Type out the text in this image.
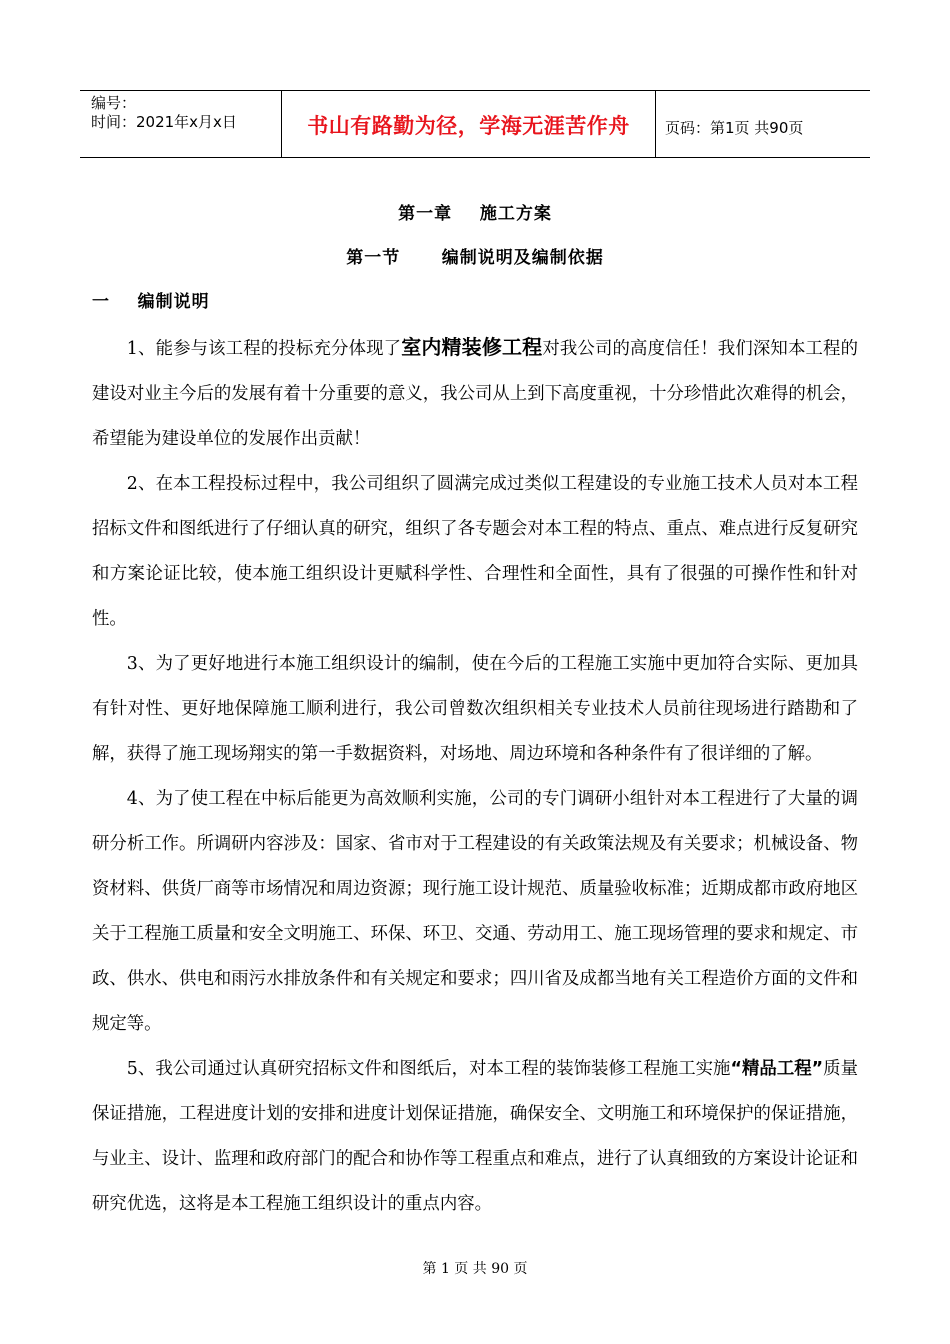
编号：
时间：2021年x月x日	书山有路勤为径，学海无涯苦作舟	页码：第1页 共90页
第一章    施工方案
第一节      编制说明及编制依据
一    编制说明

1、能参与该工程的投标充分体现了室内精装修工程对我公司的高度信任！我们深知本工程的建设对业主今后的发展有着十分重要的意义，我公司从上到下高度重视，十分珍惜此次难得的机会，希望能为建设单位的发展作出贡献！

2、在本工程投标过程中，我公司组织了圆满完成过类似工程建设的专业施工技术人员对本工程招标文件和图纸进行了仔细认真的研究，组织了各专题会对本工程的特点、重点、难点进行反复研究和方案论证比较，使本施工组织设计更赋科学性、合理性和全面性，具有了很强的可操作性和针对性。

3、为了更好地进行本施工组织设计的编制，使在今后的工程施工实施中更加符合实际、更加具有针对性、更好地保障施工顺利进行，我公司曾数次组织相关专业技术人员前往现场进行踏勘和了解，获得了施工现场翔实的第一手数据资料，对场地、周边环境和各种条件有了很详细的了解。

4、为了使工程在中标后能更为高效顺利实施，公司的专门调研小组针对本工程进行了大量的调研分析工作。所调研内容涉及：国家、省市对于工程建设的有关政策法规及有关要求；机械设备、物资材料、供货厂商等市场情况和周边资源；现行施工设计规范、质量验收标准；近期成都市政府地区关于工程施工质量和安全文明施工、环保、环卫、交通、劳动用工、施工现场管理的要求和规定、市政、供水、供电和雨污水排放条件和有关规定和要求；四川省及成都当地有关工程造价方面的文件和规定等。

5、我公司通过认真研究招标文件和图纸后，对本工程的装饰装修工程施工实施“精品工程”质量保证措施，工程进度计划的安排和进度计划保证措施，确保安全、文明施工和环境保护的保证措施，与业主、设计、监理和政府部门的配合和协作等工程重点和难点，进行了认真细致的方案设计论证和研究优选，这将是本工程施工组织设计的重点内容。

第 1 页 共 90 页
